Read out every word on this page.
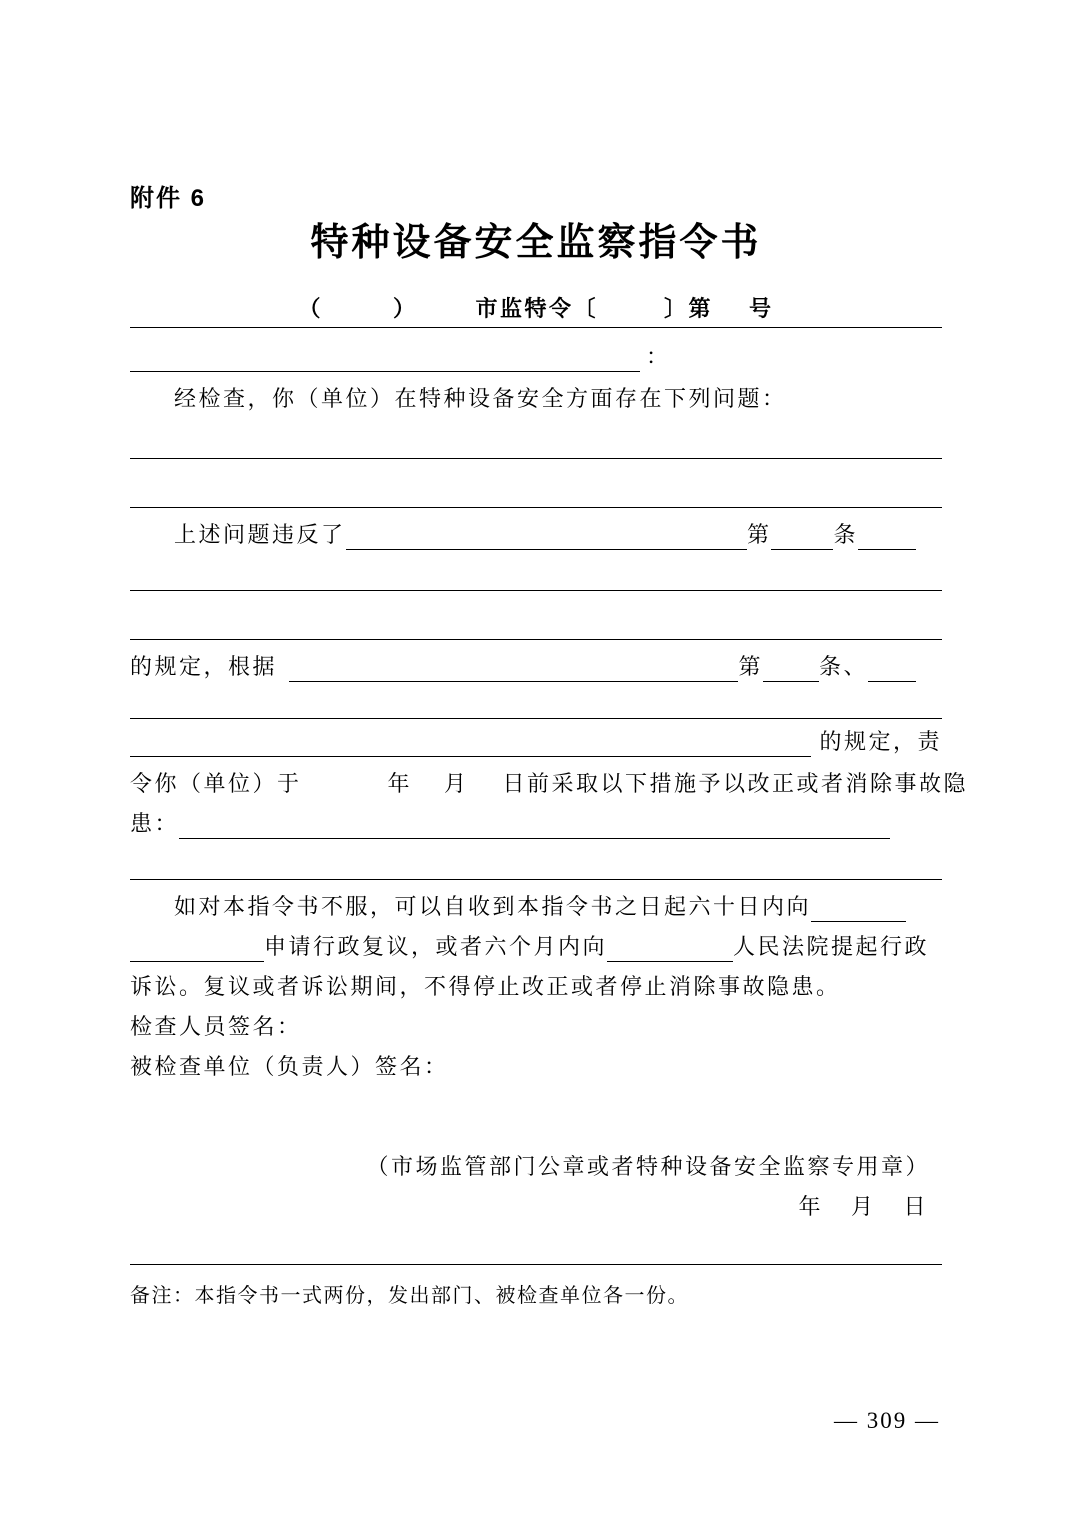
附件 6
特种设备安全监察指令书
（	）	市监特令〔	〕第 号
：
经检查，你（单位）在特种设备安全方面存在下列问题：
上述问题违反了	第	条
的规定，根据	第	条、
的规定，责
令你（单位）于	年 月 日前采取以下措施予以改正或者消除事故隐
患：
如对本指令书不服，可以自收到本指令书之日起六十日内向
申请行政复议，或者六个月内向	人民法院提起行政
诉讼。复议或者诉讼期间，不得停止改正或者停止消除事故隐患。
检查人员签名：
被检查单位（负责人）签名：
（市场监管部门公章或者特种设备安全监察专用章）
年 月 日
备注：本指令书一式两份，发出部门、被检查单位各一份。
— 309 —
